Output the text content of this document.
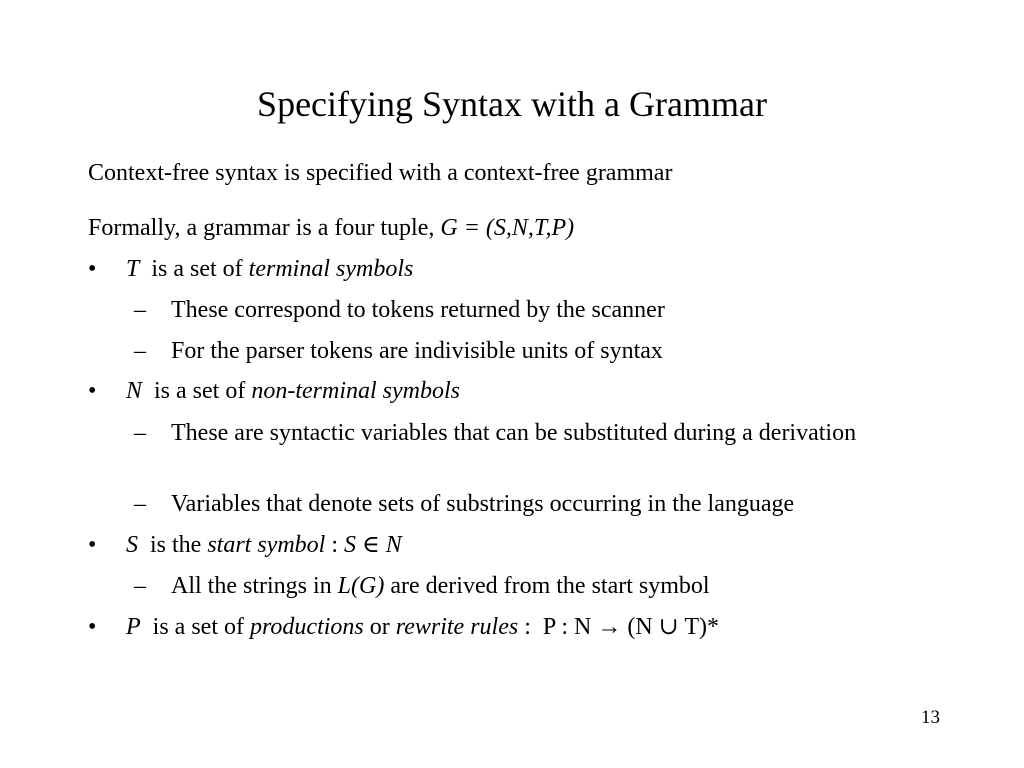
Specifying Syntax with a Grammar
Context-free syntax is specified with a context-free grammar
Formally, a grammar is a four tuple, G = (S,N,T,P)
• T  is a set of terminal symbols
– These correspond to tokens returned by the scanner
– For the parser tokens are indivisible units of syntax
• N  is a set of non-terminal symbols
– These are syntactic variables that can be substituted during a derivation
– Variables that denote sets of substrings occurring in the language
• S  is the start symbol : S ∈ N
– All the strings in L(G) are derived from the start symbol
• P  is a set of productions or rewrite rules :  P : N → (N ∪ T)*
13
